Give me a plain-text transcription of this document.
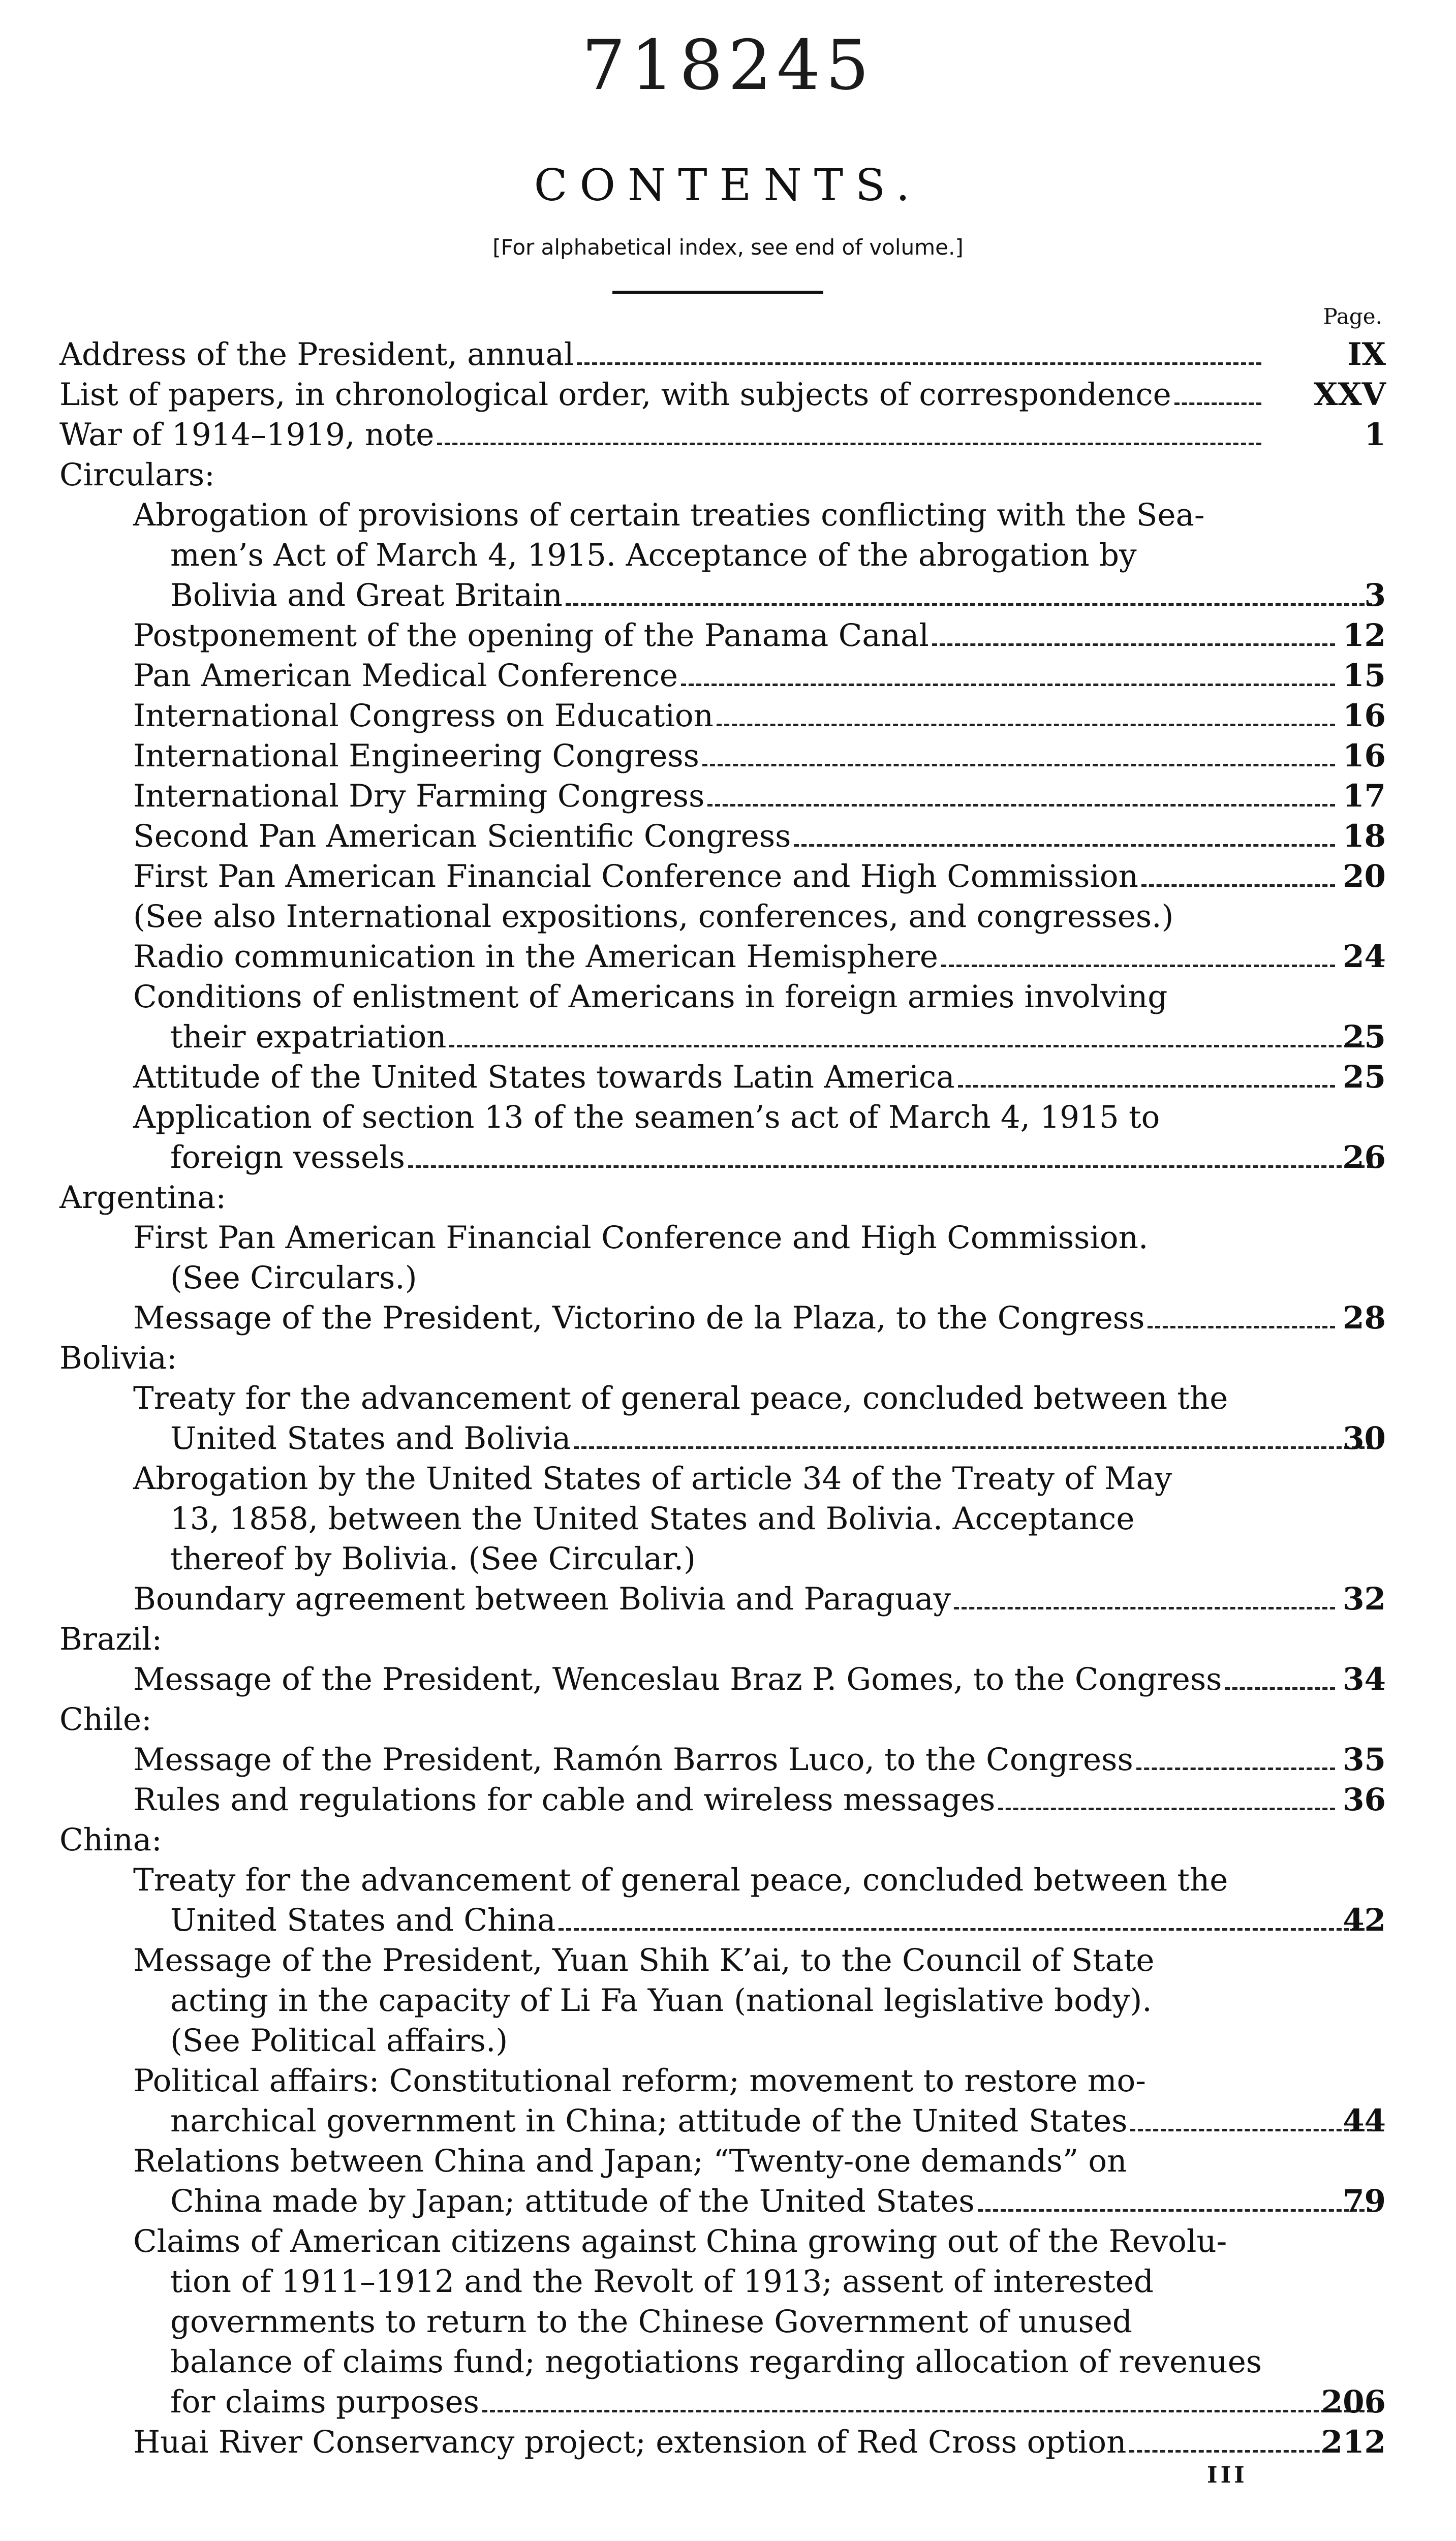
718245
CONTENTS.
[For alphabetical index, see end of volume.]
Page.
Address of the President, annual	IX
List of papers, in chronological order, with subjects of correspondence	XXV
War of 1914–1919, note	1
Circulars:
Abrogation of provisions of certain treaties conflicting with the Sea-
men’s Act of March 4, 1915. Acceptance of the abrogation by
Bolivia and Great Britain	3
Postponement of the opening of the Panama Canal	12
Pan American Medical Conference	15
International Congress on Education	16
International Engineering Congress	16
International Dry Farming Congress	17
Second Pan American Scientific Congress	18
First Pan American Financial Conference and High Commission	20
(See also International expositions, conferences, and congresses.)
Radio communication in the American Hemisphere	24
Conditions of enlistment of Americans in foreign armies involving
their expatriation	25
Attitude of the United States towards Latin America	25
Application of section 13 of the seamen’s act of March 4, 1915 to
foreign vessels	26
Argentina:
First Pan American Financial Conference and High Commission.
(See Circulars.)
Message of the President, Victorino de la Plaza, to the Congress	28
Bolivia:
Treaty for the advancement of general peace, concluded between the
United States and Bolivia	30
Abrogation by the United States of article 34 of the Treaty of May
13, 1858, between the United States and Bolivia. Acceptance
thereof by Bolivia. (See Circular.)
Boundary agreement between Bolivia and Paraguay	32
Brazil:
Message of the President, Wenceslau Braz P. Gomes, to the Congress	34
Chile:
Message of the President, Ramón Barros Luco, to the Congress	35
Rules and regulations for cable and wireless messages	36
China:
Treaty for the advancement of general peace, concluded between the
United States and China	42
Message of the President, Yuan Shih K’ai, to the Council of State
acting in the capacity of Li Fa Yuan (national legislative body).
(See Political affairs.)
Political affairs: Constitutional reform; movement to restore mo-
narchical government in China; attitude of the United States	44
Relations between China and Japan; “Twenty-one demands” on
China made by Japan; attitude of the United States	79
Claims of American citizens against China growing out of the Revolu-
tion of 1911–1912 and the Revolt of 1913; assent of interested
governments to return to the Chinese Government of unused
balance of claims fund; negotiations regarding allocation of revenues
for claims purposes	206
Huai River Conservancy project; extension of Red Cross option	212
III
